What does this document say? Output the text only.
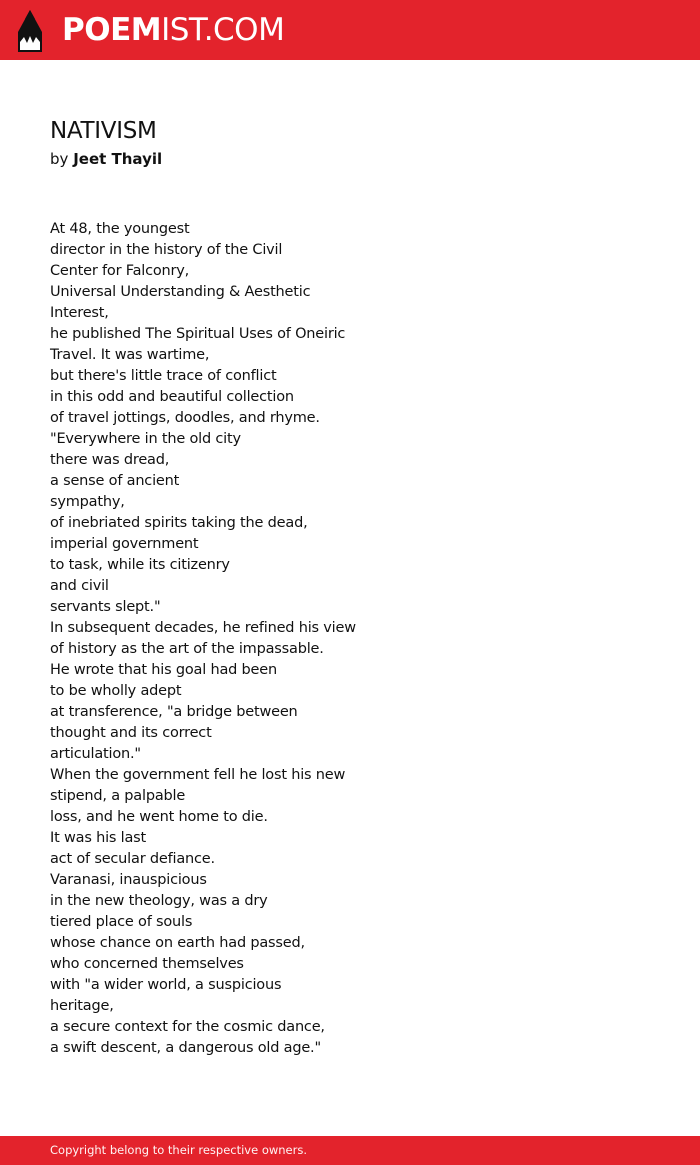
POEMIST.COM
NATIVISM
by Jeet Thayil
At 48, the youngest
director in the history of the Civil
Center for Falconry,
Universal Understanding & Aesthetic
Interest,
he published The Spiritual Uses of Oneiric
Travel. It was wartime,
but there's little trace of conflict
in this odd and beautiful collection
of travel jottings, doodles, and rhyme.
"Everywhere in the old city
there was dread,
a sense of ancient
sympathy,
of inebriated spirits taking the dead,
imperial government
to task, while its citizenry
and civil
servants slept."
In subsequent decades, he refined his view
of history as the art of the impassable.
He wrote that his goal had been
to be wholly adept
at transference, "a bridge between
thought and its correct
articulation."
When the government fell he lost his new
stipend, a palpable
loss, and he went home to die.
It was his last
act of secular defiance.
Varanasi, inauspicious
in the new theology, was a dry
tiered place of souls
whose chance on earth had passed,
who concerned themselves
with "a wider world, a suspicious
heritage,
a secure context for the cosmic dance,
a swift descent, a dangerous old age."
Copyright belong to their respective owners.
